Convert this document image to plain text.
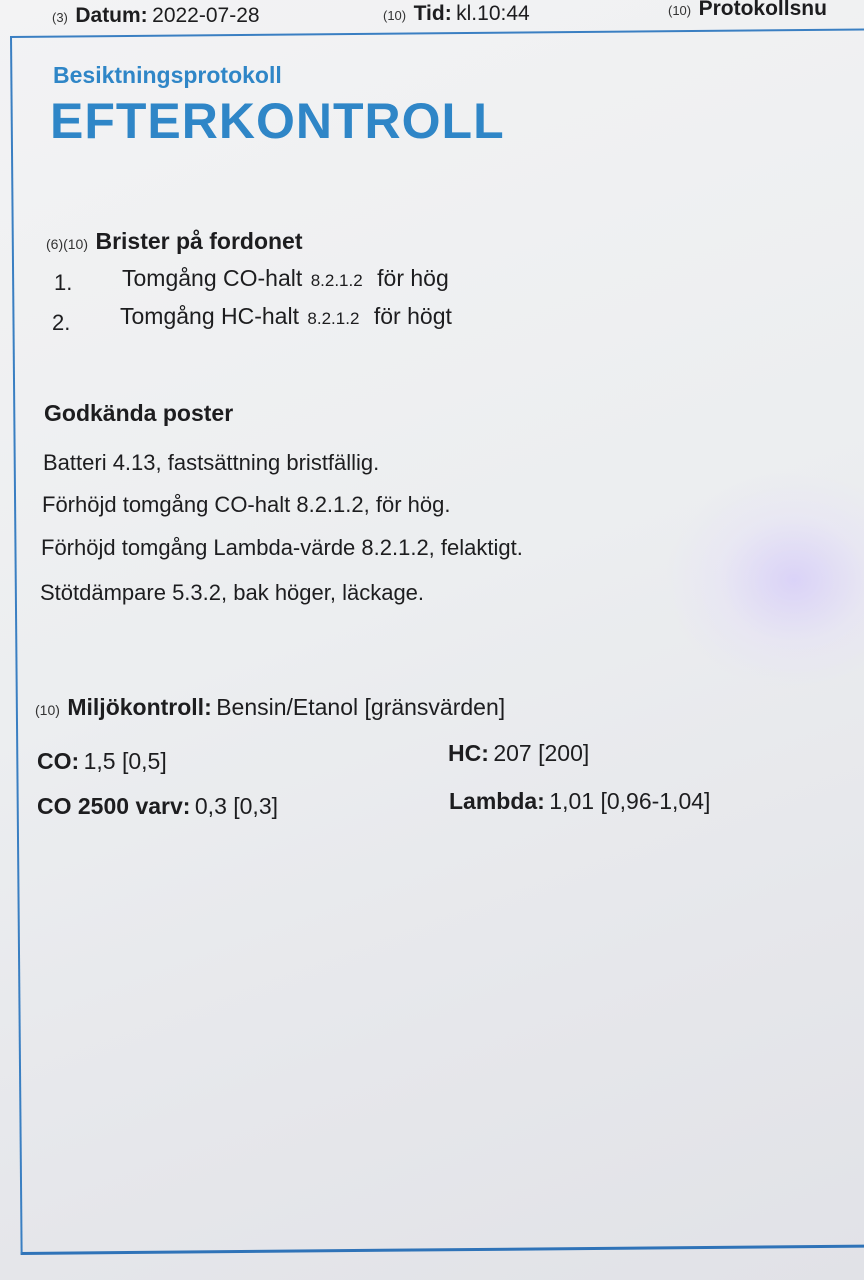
(3) Datum: 2022-07-28	(10) Tid: kl.10:44	(10) Protokollsnu
Besiktningsprotokoll
EFTERKONTROLL
(6)(10) Brister på fordonet
1. Tomgång CO-halt 8.2.1.2 för hög
2. Tomgång HC-halt 8.2.1.2 för högt
Godkända poster
Batteri 4.13, fastsättning bristfällig.
Förhöjd tomgång CO-halt 8.2.1.2, för hög.
Förhöjd tomgång Lambda-värde 8.2.1.2, felaktigt.
Stötdämpare 5.3.2, bak höger, läckage.
(10) Miljökontroll: Bensin/Etanol [gränsvärden]
CO: 1,5 [0,5]	HC: 207 [200]
CO 2500 varv: 0,3 [0,3]	Lambda: 1,01 [0,96-1,04]
